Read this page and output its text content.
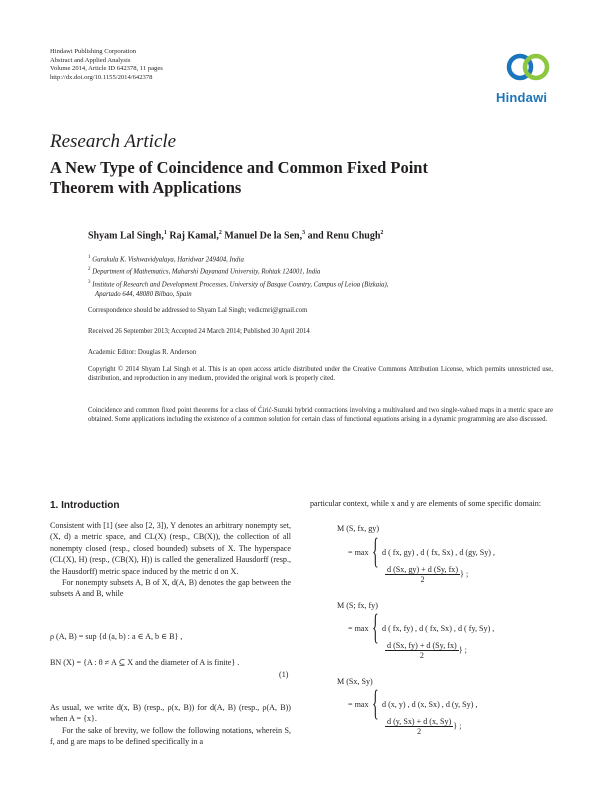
Hindawi Publishing Corporation
Abstract and Applied Analysis
Volume 2014, Article ID 642378, 11 pages
http://dx.doi.org/10.1155/2014/642378
Hindawi
Research Article
A New Type of Coincidence and Common Fixed Point
Theorem with Applications
Shyam Lal Singh,$^1$ Raj Kamal,$^2$ Manuel De la Sen,$^3$ and Renu Chugh$^2$
$^1$ Gurukula K. Vishwavidyalaya, Haridwar 249404, India
$^2$ Department of Mathematics, Maharshi Dayanand University, Rohtak 124001, India
$^3$ Institute of Research and Development Processes, University of Basque Country, Campus of Leioa (Bizkaia),
Apartado 644, 48080 Bilbao, Spain
Correspondence should be addressed to Shyam Lal Singh; vedicmri@gmail.com
Received 26 September 2013; Accepted 24 March 2014; Published 30 April 2014
Academic Editor: Douglas R. Anderson
Copyright © 2014 Shyam Lal Singh et al. This is an open access article distributed under the Creative Commons Attribution License, which permits unrestricted use, distribution, and reproduction in any medium, provided the original work is properly cited.
Coincidence and common fixed point theorems for a class of Ćirić-Suzuki hybrid contractions involving a multivalued and two single-valued maps in a metric space are obtained. Some applications including the existence of a common solution for certain class of functional equations arising in a dynamic programming are also discussed.
1. Introduction

Consistent with [1] (see also [2, 3]), Y denotes an arbitrary nonempty set, (X, d) a metric space, and CL(X) (resp., CB(X)), the collection of all nonempty closed (resp., closed bounded) subsets of X. The hyperspace (CL(X), H) (resp., (CB(X), H)) is called the generalized Hausdorff (resp., the Hausdorff) metric space induced by the metric d on X.

For nonempty subsets A, B of X, d(A, B) denotes the gap between the subsets A and B, while

ρ (A, B) = sup {d (a, b) : a ∈ A, b ∈ B} ,
BN (X) = {A : θ ≠ A ⊆ X and the diameter of A is finite} .
(1)

As usual, we write d(x, B) (resp., ρ(x, B)) for d(A, B) (resp., ρ(A, B)) when A = {x}.

For the sake of brevity, we follow the following notations, wherein S, f, and g are maps to be defined specifically in a

particular context, while x and y are elements of some specific domain:
M (S, fx, gy)
= max { d ( fx, gy) , d ( fx, Sx) , d (gy, Sy) ,
$\frac{d (Sx, gy) + d (Sy, fx)}{2}$ } ;
M (S; fx, fy)
= max { d ( fx, fy) , d ( fx, Sx) , d ( fy, Sy) ,
$\frac{d (Sx, fy) + d (Sy, fx)}{2}$ } ;
M (Sx, Sy)
= max { d (x, y) , d (x, Sx) , d (y, Sy) ,
$\frac{d (y, Sx) + d (x, Sy)}{2}$ } ;
